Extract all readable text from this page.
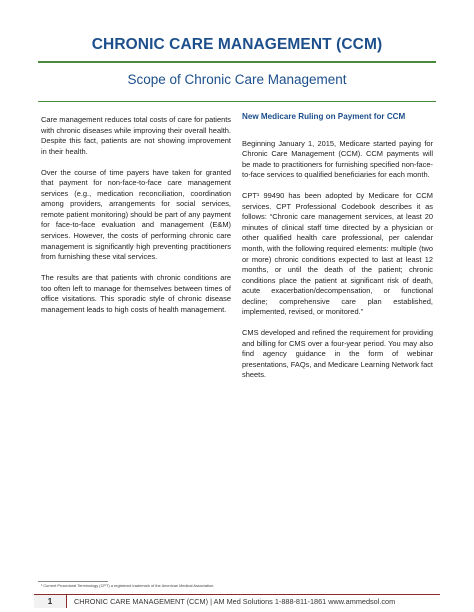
CHRONIC CARE MANAGEMENT (CCM)
Scope of Chronic Care Management

Care management reduces total costs of care for patients with chronic diseases while improving their overall health. Despite this fact, patients are not showing improvement in their health.

Over the course of time payers have taken for granted that payment for non-face-to-face care management services (e.g., medication reconciliation, coordination among providers, arrangements for social services, remote patient monitoring) should be part of any payment for face-to-face evaluation and management (E&M) services. However, the costs of performing chronic care management is significantly high preventing practitioners from furnishing these vital services.

The results are that patients with chronic conditions are too often left to manage for themselves between times of office visitations. This sporadic style of chronic disease management leads to high costs of health management.

New Medicare Ruling on Payment for CCM

Beginning January 1, 2015, Medicare started paying for Chronic Care Management (CCM). CCM payments will be made to practitioners for furnishing specified non-face-to-face services to qualified beneficiaries for each month.

CPT¹ 99490 has been adopted by Medicare for CCM services. CPT Professional Codebook describes it as follows: “Chronic care management services, at least 20 minutes of clinical staff time directed by a physician or other qualified health care professional, per calendar month, with the following required elements: multiple (two or more) chronic conditions expected to last at least 12 months, or until the death of the patient; chronic conditions place the patient at significant risk of death, acute exacerbation/decompensation, or functional decline; comprehensive care plan established, implemented, revised, or monitored.”

CMS developed and refined the requirement for providing and billing for CMS over a four-year period. You may also find agency guidance in the form of webinar presentations, FAQs, and Medicare Learning Network fact sheets.

¹ Current Procedural Terminology (CPT) a registered trademark of the American Medical Association.
1	CHRONIC CARE MANAGEMENT (CCM) | AM Med Solutions 1-888-811-1861 www.ammedsol.com
